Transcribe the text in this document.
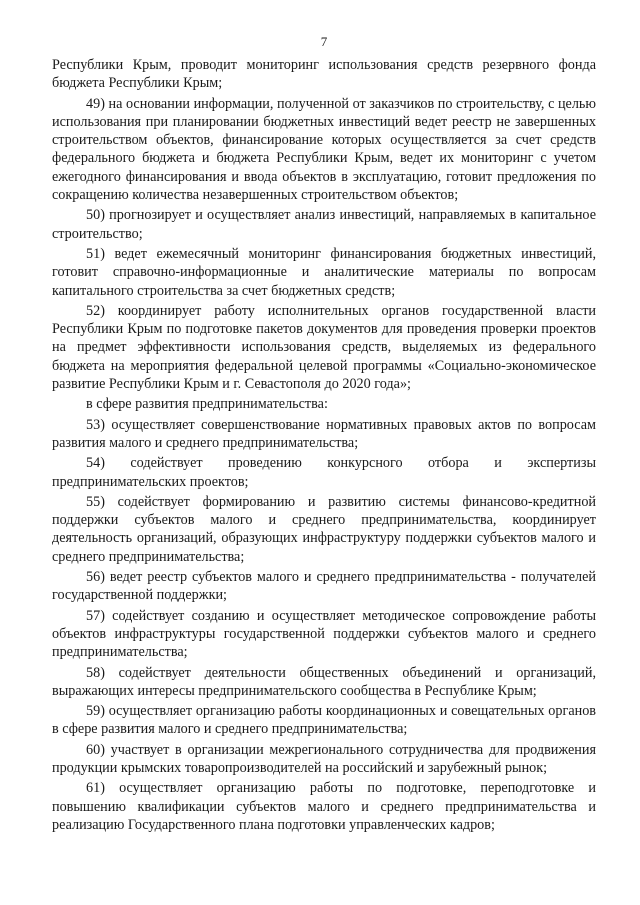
7

Республики Крым, проводит мониторинг использования средств резервного фонда бюджета Республики Крым;

49) на основании информации, полученной от заказчиков по строительству, с целью использования при планировании бюджетных инвестиций ведет реестр не завершенных строительством объектов, финансирование которых осуществляется за счет средств федерального бюджета и бюджета Республики Крым, ведет их мониторинг с учетом ежегодного финансирования и ввода объектов в эксплуатацию, готовит предложения по сокращению количества незавершенных строительством объектов;

50) прогнозирует и осуществляет анализ инвестиций, направляемых в капитальное строительство;

51) ведет ежемесячный мониторинг финансирования бюджетных инвестиций, готовит справочно-информационные и аналитические материалы по вопросам капитального строительства за счет бюджетных средств;

52) координирует работу исполнительных органов государственной власти Республики Крым по подготовке пакетов документов для проведения проверки проектов на предмет эффективности использования средств, выделяемых из федерального бюджета на мероприятия федеральной целевой программы «Социально-экономическое развитие Республики Крым и г. Севастополя до 2020 года»;

в сфере развития предпринимательства:

53) осуществляет совершенствование нормативных правовых актов по вопросам развития малого и среднего предпринимательства;

54) содействует проведению конкурсного отбора и экспертизы предпринимательских проектов;

55) содействует формированию и развитию системы финансово-кредитной поддержки субъектов малого и среднего предпринимательства, координирует деятельность организаций, образующих инфраструктуру поддержки субъектов малого и среднего предпринимательства;

56) ведет реестр субъектов малого и среднего предпринимательства - получателей государственной поддержки;

57) содействует созданию и осуществляет методическое сопровождение работы объектов инфраструктуры государственной поддержки субъектов малого и среднего предпринимательства;

58) содействует деятельности общественных объединений и организаций, выражающих интересы предпринимательского сообщества в Республике Крым;

59) осуществляет организацию работы координационных и совещательных органов в сфере развития малого и среднего предпринимательства;

60) участвует в организации межрегионального сотрудничества для продвижения продукции крымских товаропроизводителей на российский и зарубежный рынок;

61) осуществляет организацию работы по подготовке, переподготовке и повышению квалификации субъектов малого и среднего предпринимательства и реализацию Государственного плана подготовки управленческих кадров;
